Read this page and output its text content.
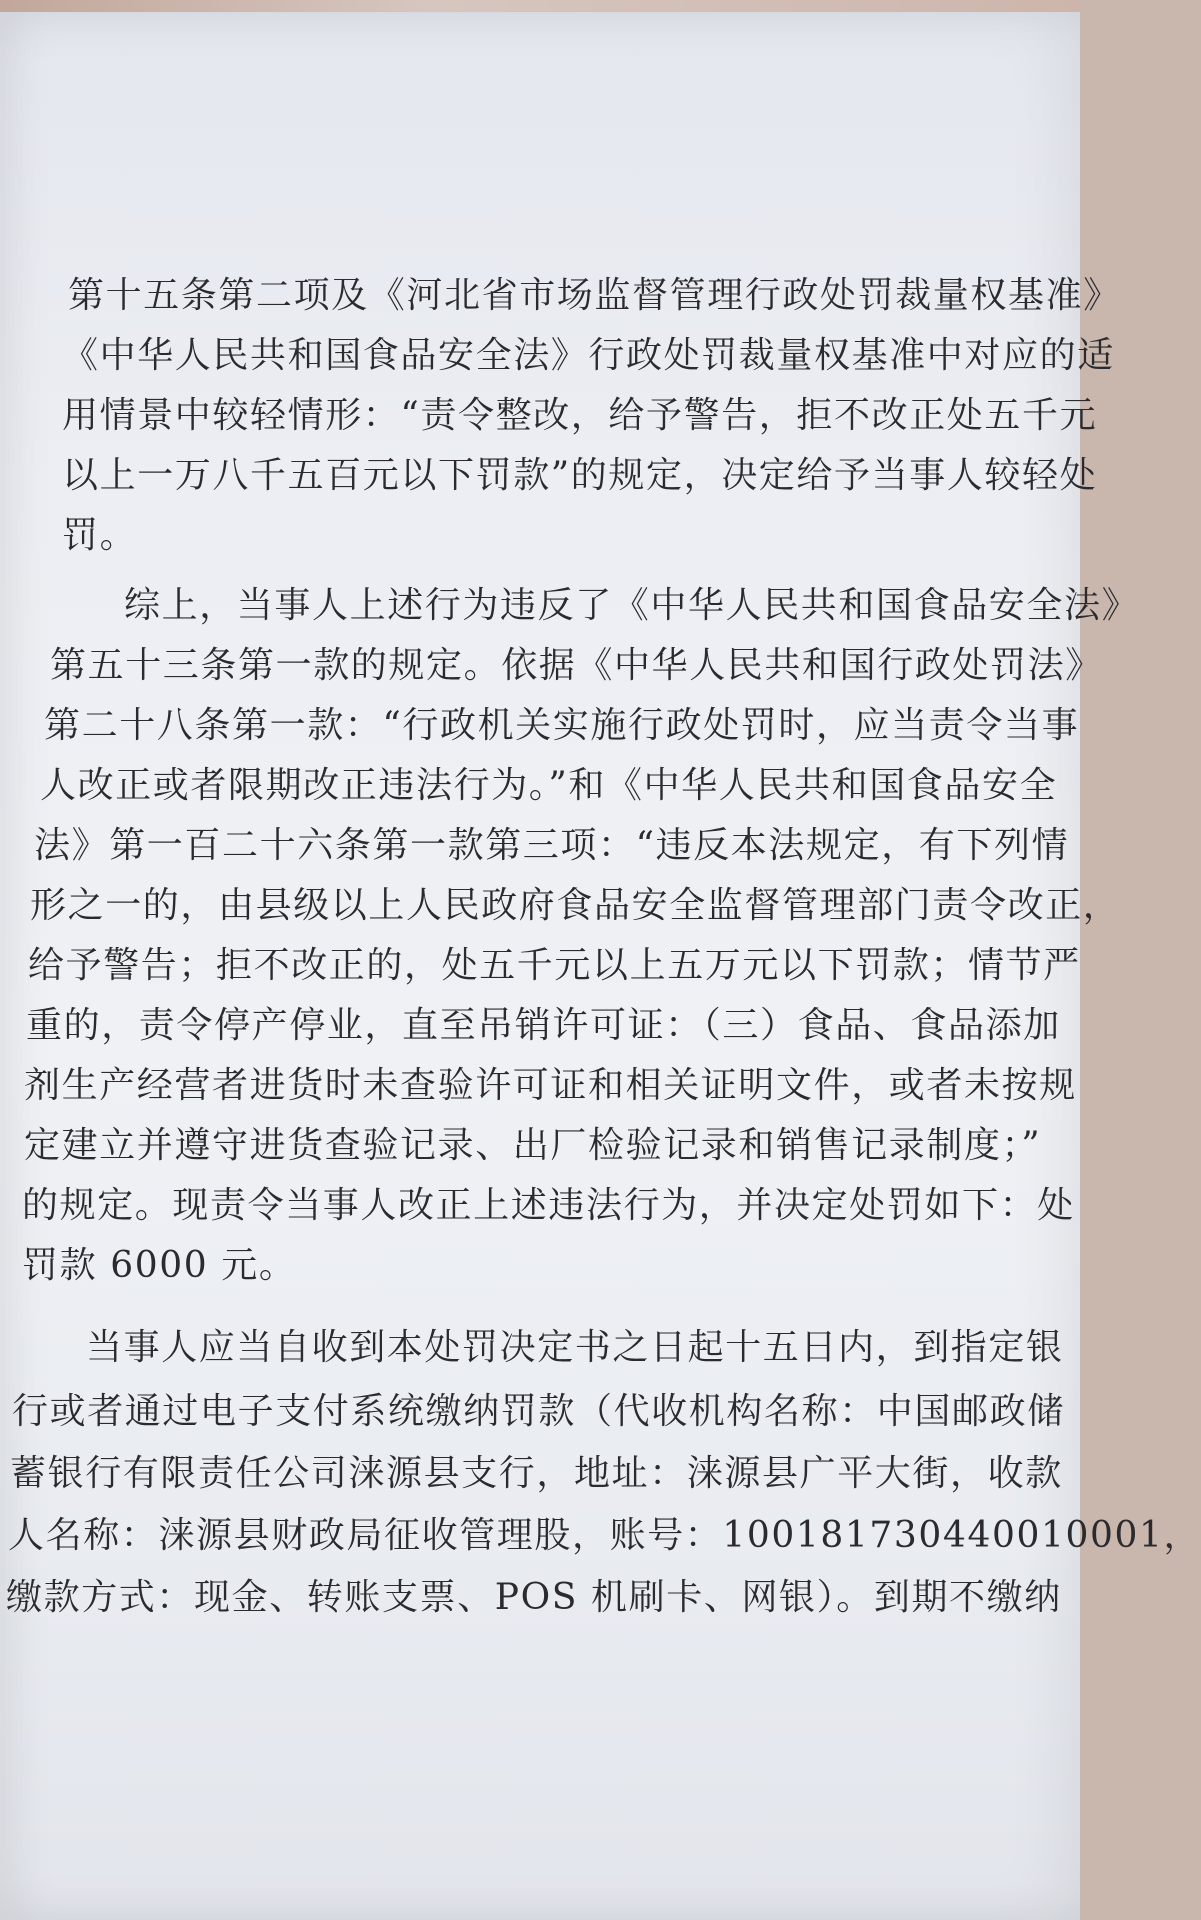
第十五条第二项及《河北省市场监督管理行政处罚裁量权基准》
《中华人民共和国食品安全法》行政处罚裁量权基准中对应的适
用情景中较轻情形：“责令整改，给予警告，拒不改正处五千元
以上一万八千五百元以下罚款”的规定，决定给予当事人较轻处
罚。
综上，当事人上述行为违反了《中华人民共和国食品安全法》
第五十三条第一款的规定。依据《中华人民共和国行政处罚法》
第二十八条第一款：“行政机关实施行政处罚时，应当责令当事
人改正或者限期改正违法行为。”和《中华人民共和国食品安全
法》第一百二十六条第一款第三项：“违反本法规定，有下列情
形之一的，由县级以上人民政府食品安全监督管理部门责令改正，
给予警告；拒不改正的，处五千元以上五万元以下罚款；情节严
重的，责令停产停业，直至吊销许可证：（三）食品、食品添加
剂生产经营者进货时未查验许可证和相关证明文件，或者未按规
定建立并遵守进货查验记录、出厂检验记录和销售记录制度；”
的规定。现责令当事人改正上述违法行为，并决定处罚如下：处
罚款 6000 元。
当事人应当自收到本处罚决定书之日起十五日内，到指定银
行或者通过电子支付系统缴纳罚款（代收机构名称：中国邮政储
蓄银行有限责任公司涞源县支行，地址：涞源县广平大街，收款
人名称：涞源县财政局征收管理股，账号：100181730440010001，
缴款方式：现金、转账支票、POS 机刷卡、网银）。到期不缴纳
